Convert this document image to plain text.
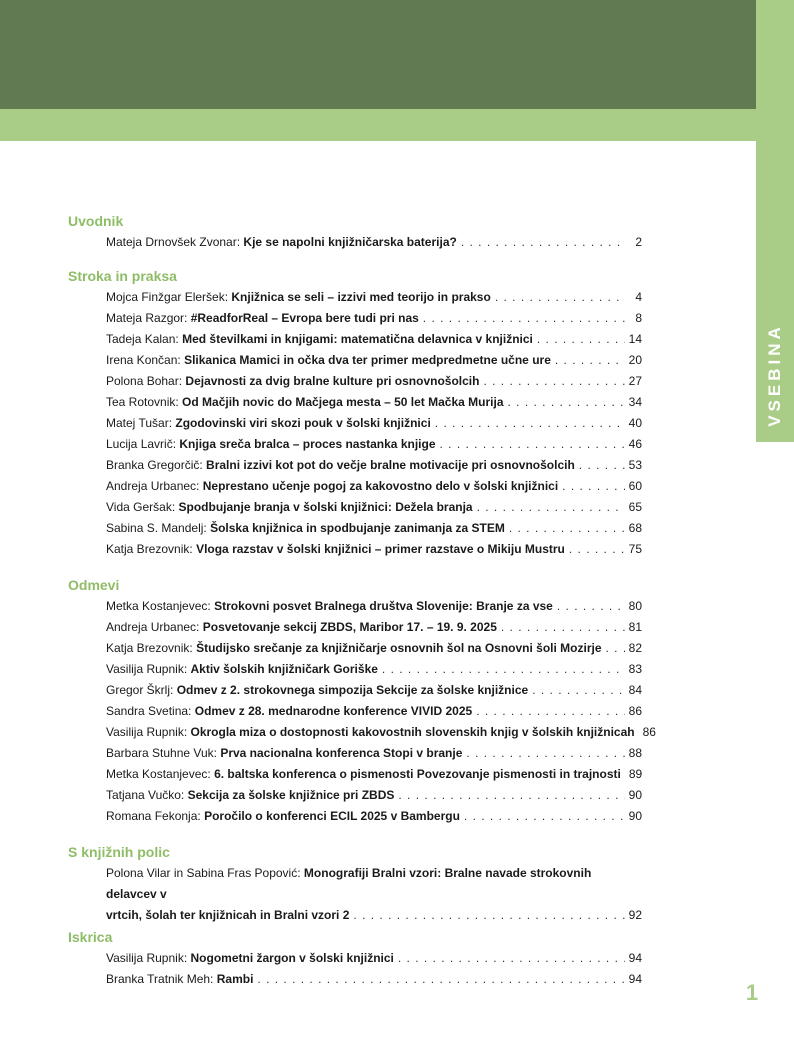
VSEBINA
Uvodnik
Mateja Drnovšek Zvonar: Kje se napolni knjižničarska baterija? . . .	2
Stroka in praksa
Mojca Finžgar Eleršek: Knjižnica se seli – izzivi med teorijo in prakso . . .	4
Mateja Razgor: #ReadforReal – Evropa bere tudi pri nas . . .	8
Tadeja Kalan: Med številkami in knjigami: matematična delavnica v knjižnici . . .	14
Irena Končan: Slikanica Mamici in očka dva ter primer medpredmetne učne ure . . .	20
Polona Bohar: Dejavnosti za dvig bralne kulture pri osnovnošolcih . . .	27
Tea Rotovnik: Od Mačjih novic do Mačjega mesta – 50 let Mačka Murija . . .	34
Matej Tušar: Zgodovinski viri skozi pouk v šolski knjižnici . . .	40
Lucija Lavrič: Knjiga sreča bralca – proces nastanka knjige . . .	46
Branka Gregorčič: Bralni izzivi kot pot do večje bralne motivacije pri osnovnošolcih . . .	53
Andreja Urbanec: Neprestano učenje pogoj za kakovostno delo v šolski knjižnici . . .	60
Vida Geršak: Spodbujanje branja v šolski knjižnici: Dežela branja . . .	65
Sabina S. Mandelj: Šolska knjižnica in spodbujanje zanimanja za STEM . . .	68
Katja Brezovnik: Vloga razstav v šolski knjižnici – primer razstave o Mikiju Mustru . . .	75
Odmevi
Metka Kostanjevec: Strokovni posvet Bralnega društva Slovenije: Branje za vse . . .	80
Andreja Urbanec: Posvetovanje sekcij ZBDS, Maribor 17. – 19. 9. 2025 . . .	81
Katja Brezovnik: Študijsko srečanje za knjižničarje osnovnih šol na Osnovni šoli Mozirje . . . 82
Vasilija Rupnik: Aktiv šolskih knjižničark Goriške . . .	83
Gregor Škrlj: Odmev z 2. strokovnega simpozija Sekcije za šolske knjižnice . . .	84
Sandra Svetina: Odmev z 28. mednarodne konference VIVID 2025 . . .	86
Vasilija Rupnik: Okrogla miza o dostopnosti kakovostnih slovenskih knjig v šolskih knjižnicah 86
Barbara Stuhne Vuk: Prva nacionalna konferenca Stopi v branje . . .	88
Metka Kostanjevec: 6. baltska konferenca o pismenosti Povezovanje pismenosti in trajnosti 89
Tatjana Vučko: Sekcija za šolske knjižnice pri ZBDS . . .	90
Romana Fekonja: Poročilo o konferenci ECIL 2025 v Bambergu . . .	90
S knjižnih polic
Polona Vilar in Sabina Fras Popović: Monografiji Bralni vzori: Bralne navade strokovnih delavcev v
vrtcih, šolah ter knjižnicah in Bralni vzori 2 . . .	92
Iskrica
Vasilija Rupnik: Nogometni žargon v šolski knjižnici . . .	94
Branka Tratnik Meh: Rambi . . .	94
1
